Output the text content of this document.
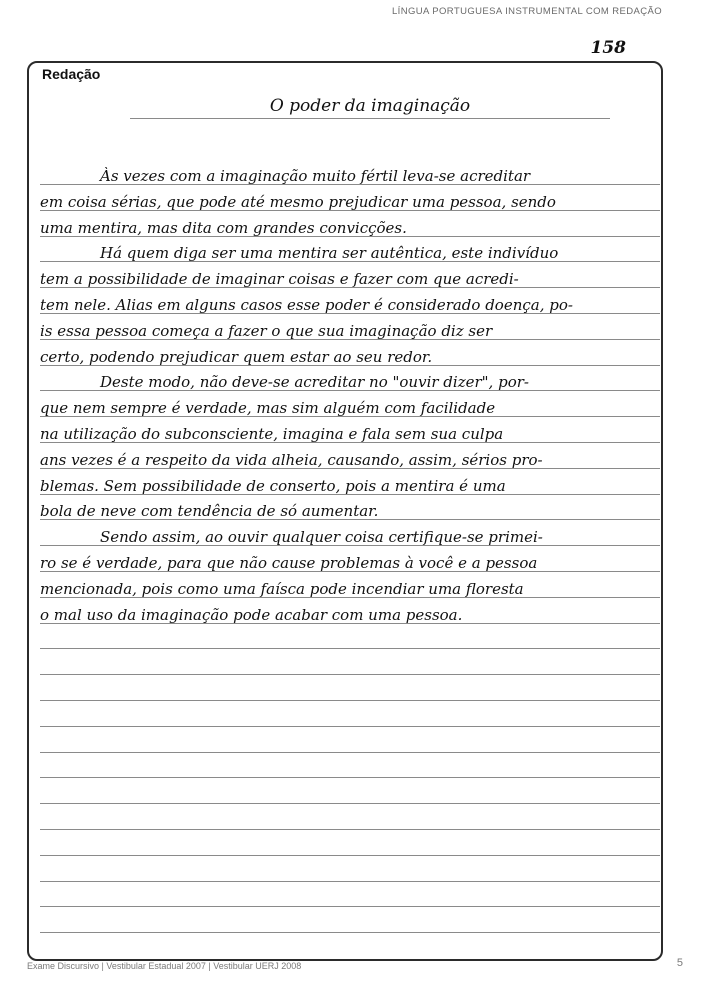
LÍNGUA PORTUGUESA INSTRUMENTAL COM REDAÇÃO
158
Redação
O poder da imaginação
Às vezes com a imaginação muito fértil leva-se acreditar
em coisa sérias, que pode até mesmo prejudicar uma pessoa, sendo
uma mentira, mas dita com grandes convicções.
Há quem diga ser uma mentira ser autêntica, este indivíduo
tem a possibilidade de imaginar coisas e fazer com que acredi-
tem nele. Alias em alguns casos esse poder é considerado doença, po-
is essa pessoa começa a fazer o que sua imaginação diz ser
certo, podendo prejudicar quem estar ao seu redor.
Deste modo, não deve-se acreditar no "ouvir dizer", por-
que nem sempre é verdade, mas sim alguém com facilidade
na utilização do subconsciente, imagina e fala sem sua culpa
ans vezes é a respeito da vida alheia, causando, assim, sérios pro-
blemas. Sem possibilidade de conserto, pois a mentira é uma
bola de neve com tendência de só aumentar.
Sendo assim, ao ouvir qualquer coisa certifique-se primei-
ro se é verdade, para que não cause problemas à você e a pessoa
mencionada, pois como uma faísca pode incendiar uma floresta
o mal uso da imaginação pode acabar com uma pessoa.
Exame Discursivo | Vestibular Estadual 2007 | Vestibular UERJ 2008	5
